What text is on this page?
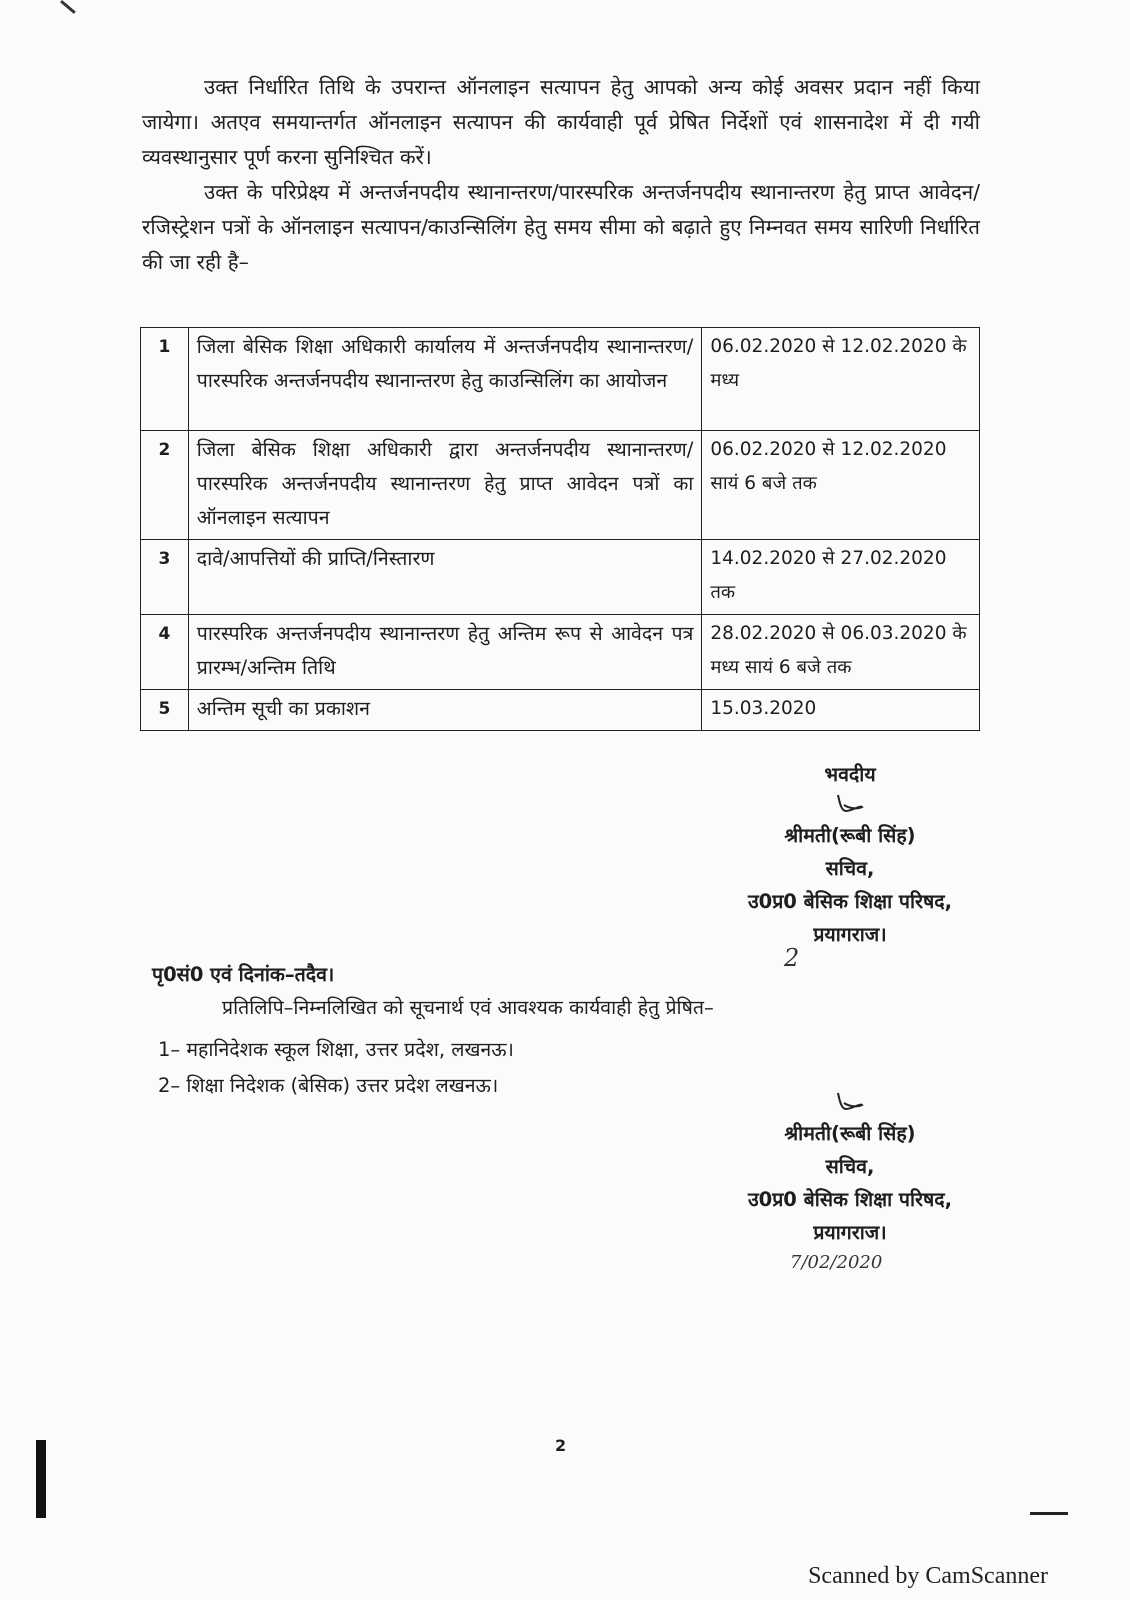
उक्त निर्धारित तिथि के उपरान्त ऑनलाइन सत्यापन हेतु आपको अन्य कोई अवसर प्रदान नहीं किया जायेगा। अतएव समयान्तर्गत ऑनलाइन सत्यापन की कार्यवाही पूर्व प्रेषित निर्देशों एवं शासनादेश में दी गयी व्यवस्थानुसार पूर्ण करना सुनिश्चित करें।

उक्त के परिप्रेक्ष्य में अन्तर्जनपदीय स्थानान्तरण/पारस्परिक अन्तर्जनपदीय स्थानान्तरण हेतु प्राप्त आवेदन/रजिस्ट्रेशन पत्रों के ऑनलाइन सत्यापन/काउन्सिलिंग हेतु समय सीमा को बढ़ाते हुए निम्नवत समय सारिणी निर्धारित की जा रही है–

1	जिला बेसिक शिक्षा अधिकारी कार्यालय में अन्तर्जनपदीय स्थानान्तरण/पारस्परिक अन्तर्जनपदीय स्थानान्तरण हेतु काउन्सिलिंग का आयोजन	06.02.2020 से 12.02.2020 के मध्य
2	जिला बेसिक शिक्षा अधिकारी द्वारा अन्तर्जनपदीय स्थानान्तरण/पारस्परिक अन्तर्जनपदीय स्थानान्तरण हेतु प्राप्त आवेदन पत्रों का ऑनलाइन सत्यापन	06.02.2020 से 12.02.2020 सायं 6 बजे तक
3	दावे/आपत्तियों की प्राप्ति/निस्तारण	14.02.2020 से 27.02.2020 तक
4	पारस्परिक अन्तर्जनपदीय स्थानान्तरण हेतु अन्तिम रूप से आवेदन पत्र प्रारम्भ/अन्तिम तिथि	28.02.2020 से 06.03.2020 के मध्य सायं 6 बजे तक
5	अन्तिम सूची का प्रकाशन	15.03.2020
भवदीय
श्रीमती(रूबी सिंह)
सचिव,
उ0प्र0 बेसिक शिक्षा परिषद,
प्रयागराज।
2
पृ0सं0 एवं दिनांक–तदैव।
प्रतिलिपि–निम्नलिखित को सूचनार्थ एवं आवश्यक कार्यवाही हेतु प्रेषित–
1– महानिदेशक स्कूल शिक्षा, उत्तर प्रदेश, लखनऊ।
2– शिक्षा निदेशक (बेसिक) उत्तर प्रदेश लखनऊ।
श्रीमती(रूबी सिंह)
सचिव,
उ0प्र0 बेसिक शिक्षा परिषद,
प्रयागराज।
7/02/2020
2
Scanned by CamScanner
